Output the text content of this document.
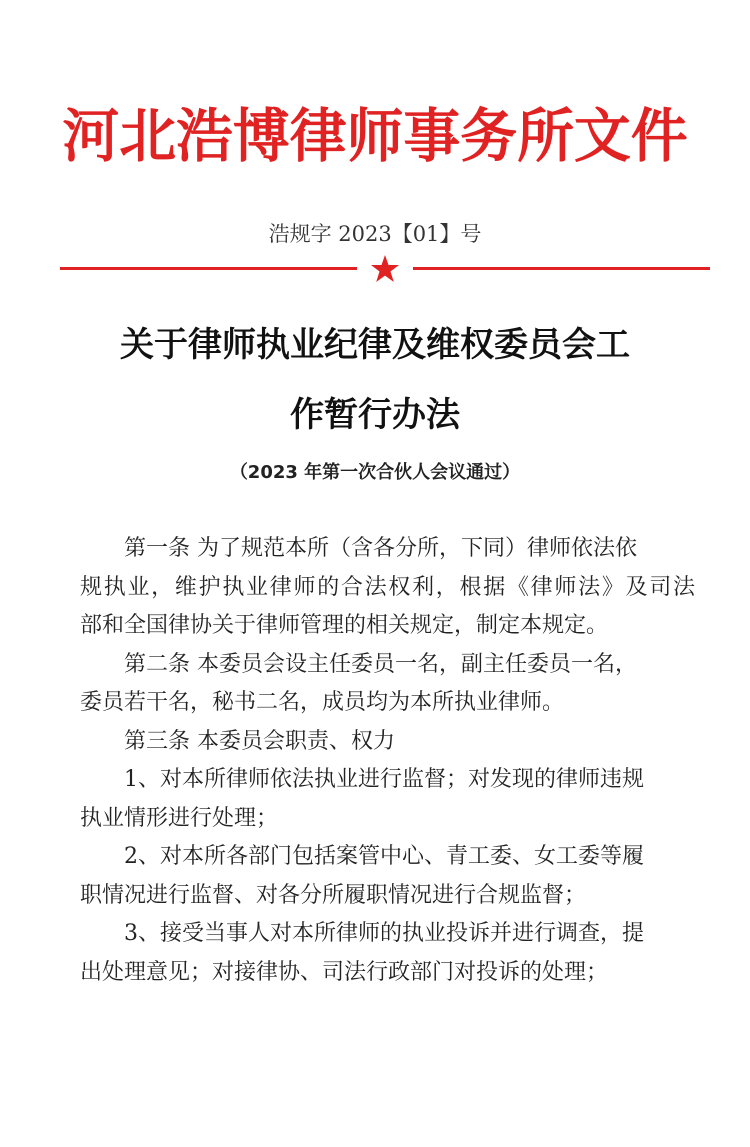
河北浩博律师事务所文件
浩规字 2023【01】号
关于律师执业纪律及维权委员会工
作暂行办法
（2023 年第一次合伙人会议通过）
第一条 为了规范本所（含各分所，下同）律师依法依
规执业，维护执业律师的合法权利，根据《律师法》及司法
部和全国律协关于律师管理的相关规定，制定本规定。
第二条 本委员会设主任委员一名，副主任委员一名，
委员若干名，秘书二名，成员均为本所执业律师。
第三条 本委员会职责、权力
1、对本所律师依法执业进行监督；对发现的律师违规
执业情形进行处理；
2、对本所各部门包括案管中心、青工委、女工委等履
职情况进行监督、对各分所履职情况进行合规监督；
3、接受当事人对本所律师的执业投诉并进行调查，提
出处理意见；对接律协、司法行政部门对投诉的处理；
